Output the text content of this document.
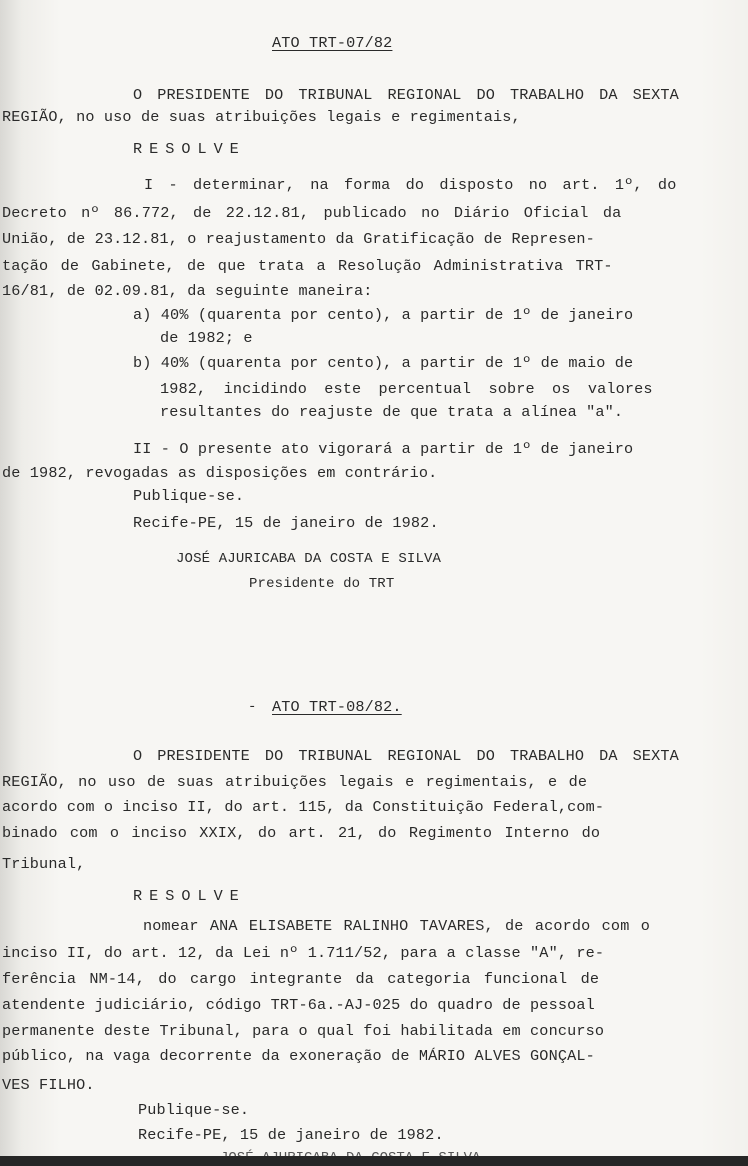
ATO TRT-07/82
O PRESIDENTE DO TRIBUNAL REGIONAL DO TRABALHO DA SEXTA
REGIÃO, no uso de suas atribuições legais e regimentais,
RESOLVE
I - determinar, na forma do disposto no art. 1º, do
Decreto nº 86.772, de 22.12.81, publicado no Diário Oficial da
União, de 23.12.81, o reajustamento da Gratificação de Represen-
tação de Gabinete, de que trata a Resolução Administrativa TRT-
16/81, de 02.09.81, da seguinte maneira:
a) 40% (quarenta por cento), a partir de 1º de janeiro
de 1982; e
b) 40% (quarenta por cento), a partir de 1º de maio de
1982, incidindo este percentual sobre os valores
resultantes do reajuste de que trata a alínea "a".
II - O presente ato vigorará a partir de 1º de janeiro
de 1982, revogadas as disposições em contrário.
Publique-se.
Recife-PE, 15 de janeiro de 1982.
JOSÉ AJURICABA DA COSTA E SILVA
Presidente do TRT
- ATO TRT-08/82.
O PRESIDENTE DO TRIBUNAL REGIONAL DO TRABALHO DA SEXTA
REGIÃO, no uso de suas atribuições legais e regimentais, e de
acordo com o inciso II, do art. 115, da Constituição Federal,com-
binado com o inciso XXIX, do art. 21, do Regimento Interno do
Tribunal,
RESOLVE
nomear ANA ELISABETE RALINHO TAVARES, de acordo com o
inciso II, do art. 12, da Lei nº 1.711/52, para a classe "A", re-
ferência NM-14, do cargo integrante da categoria funcional de
atendente judiciário, código TRT-6a.-AJ-025 do quadro de pessoal
permanente deste Tribunal, para o qual foi habilitada em concurso
público, na vaga decorrente da exoneração de MÁRIO ALVES GONÇAL-
VES FILHO.
Publique-se.
Recife-PE, 15 de janeiro de 1982.
